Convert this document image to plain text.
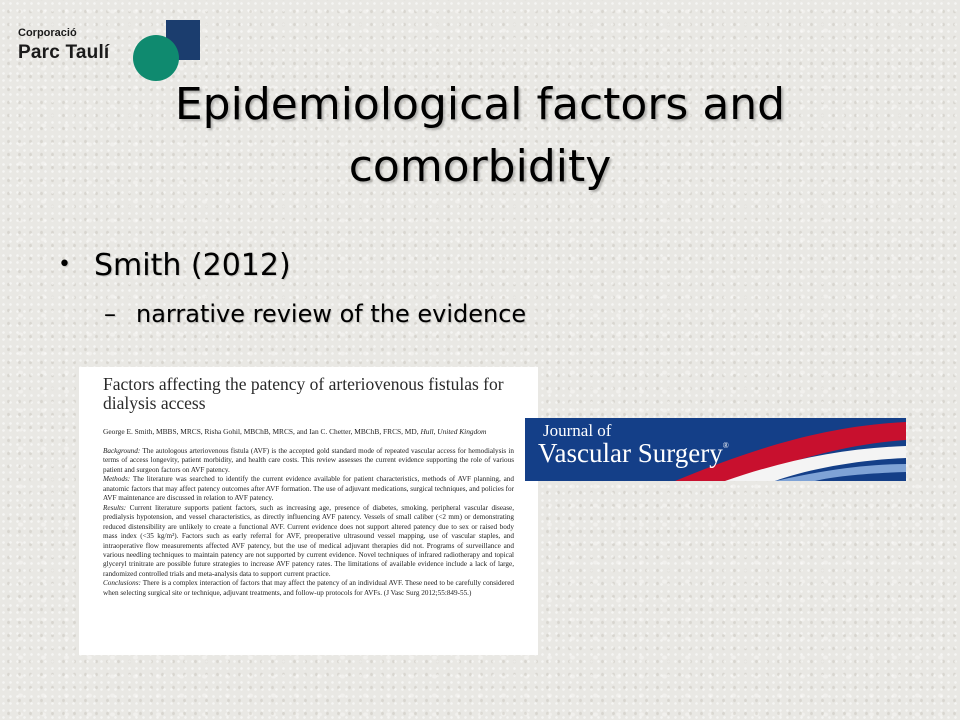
Corporació
Parc Taulí
Epidemiological factors and comorbidity
• Smith (2012)
– narrative review of the evidence
Factors affecting the patency of arteriovenous fistulas for dialysis access
George E. Smith, MBBS, MRCS, Risha Gohil, MBChB, MRCS, and Ian C. Chetter, MBChB, FRCS, MD, Hull, United Kingdom

Background: The autologous arteriovenous fistula (AVF) is the accepted gold standard mode of repeated vascular access for hemodialysis in terms of access longevity, patient morbidity, and health care costs. This review assesses the current evidence supporting the role of various patient and surgeon factors on AVF patency.

Methods: The literature was searched to identify the current evidence available for patient characteristics, methods of AVF planning, and anatomic factors that may affect patency outcomes after AVF formation. The use of adjuvant medications, surgical techniques, and policies for AVF maintenance are discussed in relation to AVF patency.

Results: Current literature supports patient factors, such as increasing age, presence of diabetes, smoking, peripheral vascular disease, predialysis hypotension, and vessel characteristics, as directly influencing AVF patency. Vessels of small caliber (<2 mm) or demonstrating reduced distensibility are unlikely to create a functional AVF. Current evidence does not support altered patency due to sex or raised body mass index (<35 kg/m²). Factors such as early referral for AVF, preoperative ultrasound vessel mapping, use of vascular staples, and intraoperative flow measurements affected AVF patency, but the use of medical adjuvant therapies did not. Programs of surveillance and various needling techniques to maintain patency are not supported by current evidence. Novel techniques of infrared radiotherapy and topical glyceryl trinitrate are possible future strategies to increase AVF patency rates. The limitations of available evidence include a lack of large, randomized controlled trials and meta-analysis data to support current practice.

Conclusions: There is a complex interaction of factors that may affect the patency of an individual AVF. These need to be carefully considered when selecting surgical site or technique, adjuvant treatments, and follow-up protocols for AVFs. (J Vasc Surg 2012;55:849-55.)

Journal of
Vascular Surgery®
